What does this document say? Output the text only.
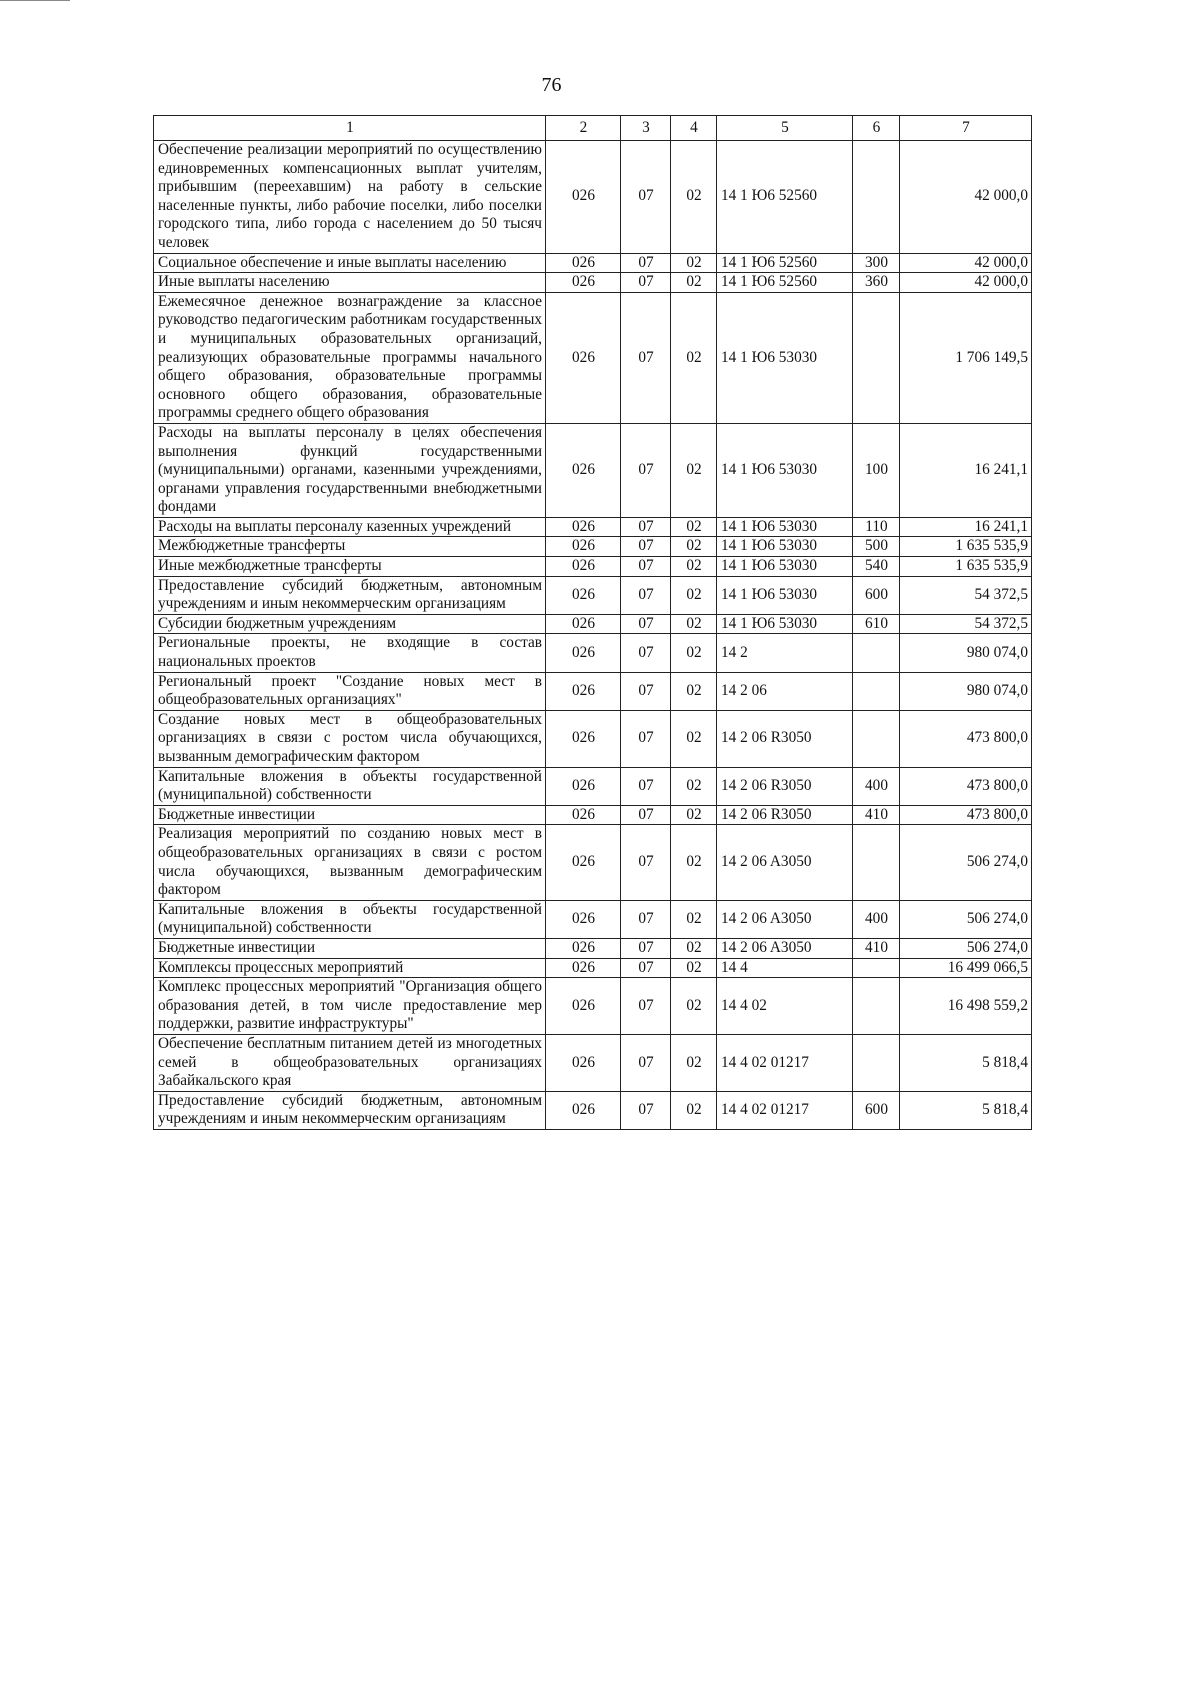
76
1	2	3	4	5	6	7
Обеспечение реализации мероприятий по осуществлению единовременных компенсационных выплат учителям, прибывшим (переехавшим) на работу в сельские населенные пункты, либо рабочие поселки, либо поселки городского типа, либо города с населением до 50 тысяч человек	026	07	02	14 1 Ю6 52560		42 000,0
Социальное обеспечение и иные выплаты населению	026	07	02	14 1 Ю6 52560	300	42 000,0
Иные выплаты населению	026	07	02	14 1 Ю6 52560	360	42 000,0
Ежемесячное денежное вознаграждение за классное руководство педагогическим работникам государственных и муниципальных образовательных организаций, реализующих образовательные программы начального общего образования, образовательные программы основного общего образования, образовательные программы среднего общего образования	026	07	02	14 1 Ю6 53030		1 706 149,5
Расходы на выплаты персоналу в целях обеспечения выполнения функций государственными (муниципальными) органами, казенными учреждениями, органами управления государственными внебюджетными фондами	026	07	02	14 1 Ю6 53030	100	16 241,1
Расходы на выплаты персоналу казенных учреждений	026	07	02	14 1 Ю6 53030	110	16 241,1
Межбюджетные трансферты	026	07	02	14 1 Ю6 53030	500	1 635 535,9
Иные межбюджетные трансферты	026	07	02	14 1 Ю6 53030	540	1 635 535,9
Предоставление субсидий бюджетным, автономным учреждениям и иным некоммерческим организациям	026	07	02	14 1 Ю6 53030	600	54 372,5
Субсидии бюджетным учреждениям	026	07	02	14 1 Ю6 53030	610	54 372,5
Региональные проекты, не входящие в состав национальных проектов	026	07	02	14 2		980 074,0
Региональный проект "Создание новых мест в общеобразовательных организациях"	026	07	02	14 2 06		980 074,0
Создание новых мест в общеобразовательных организациях в связи с ростом числа обучающихся, вызванным демографическим фактором	026	07	02	14 2 06 R3050		473 800,0
Капитальные вложения в объекты государственной (муниципальной) собственности	026	07	02	14 2 06 R3050	400	473 800,0
Бюджетные инвестиции	026	07	02	14 2 06 R3050	410	473 800,0
Реализация мероприятий по созданию новых мест в общеобразовательных организациях в связи с ростом числа обучающихся, вызванным демографическим фактором	026	07	02	14 2 06 A3050		506 274,0
Капитальные вложения в объекты государственной (муниципальной) собственности	026	07	02	14 2 06 A3050	400	506 274,0
Бюджетные инвестиции	026	07	02	14 2 06 A3050	410	506 274,0
Комплексы процессных мероприятий	026	07	02	14 4		16 499 066,5
Комплекс процессных мероприятий "Организация общего образования детей, в том числе предоставление мер поддержки, развитие инфраструктуры"	026	07	02	14 4 02		16 498 559,2
Обеспечение бесплатным питанием детей из многодетных семей в общеобразовательных организациях Забайкальского края	026	07	02	14 4 02 01217		5 818,4
Предоставление субсидий бюджетным, автономным учреждениям и иным некоммерческим организациям	026	07	02	14 4 02 01217	600	5 818,4
